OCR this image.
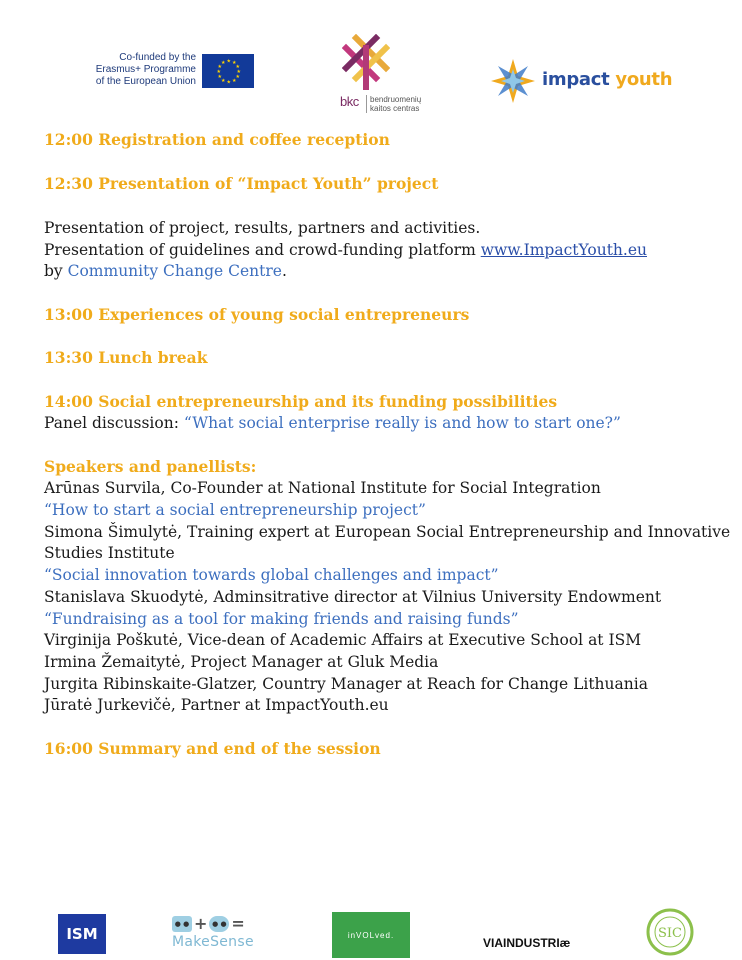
Co-funded by the
Erasmus+ Programme
of the European Union
★ ★
★
★
★
★
★
★
★
★
★
★
bkc bendruomenių
kaitos centras
impact youth
12:00 Registration and coffee reception
12:30 Presentation of “Impact Youth” project
Presentation of project, results, partners and activities.
Presentation of guidelines and crowd-funding platform www.ImpactYouth.eu
by Community Change Centre.
13:00 Experiences of young social entrepreneurs
13:30 Lunch break
14:00 Social entrepreneurship and its funding possibilities
Panel discussion: “What social enterprise really is and how to start one?”
Speakers and panellists:
Arūnas Survila, Co-Founder at National Institute for Social Integration
“How to start a social entrepreneurship project”
Simona Šimulytė, Training expert at European Social Entrepreneurship and Innovative
Studies Institute
“Social innovation towards global challenges and impact”
Stanislava Skuodytė, Adminsitrative director at Vilnius University Endowment
“Fundraising as a tool for making friends and raising funds”
Virginija Poškutė, Vice-dean of Academic Affairs at Executive School at ISM
Irmina Žemaitytė, Project Manager at Gluk Media
Jurgita Ribinskaite-Glatzer, Country Manager at Reach for Change Lithuania
Jūratė Jurkevičė, Partner at ImpactYouth.eu
16:00 Summary and end of the session
ISM
● ● + ● ● =
MakeSense	inVOLved.
VIAINDUSTRIæ
SIC
